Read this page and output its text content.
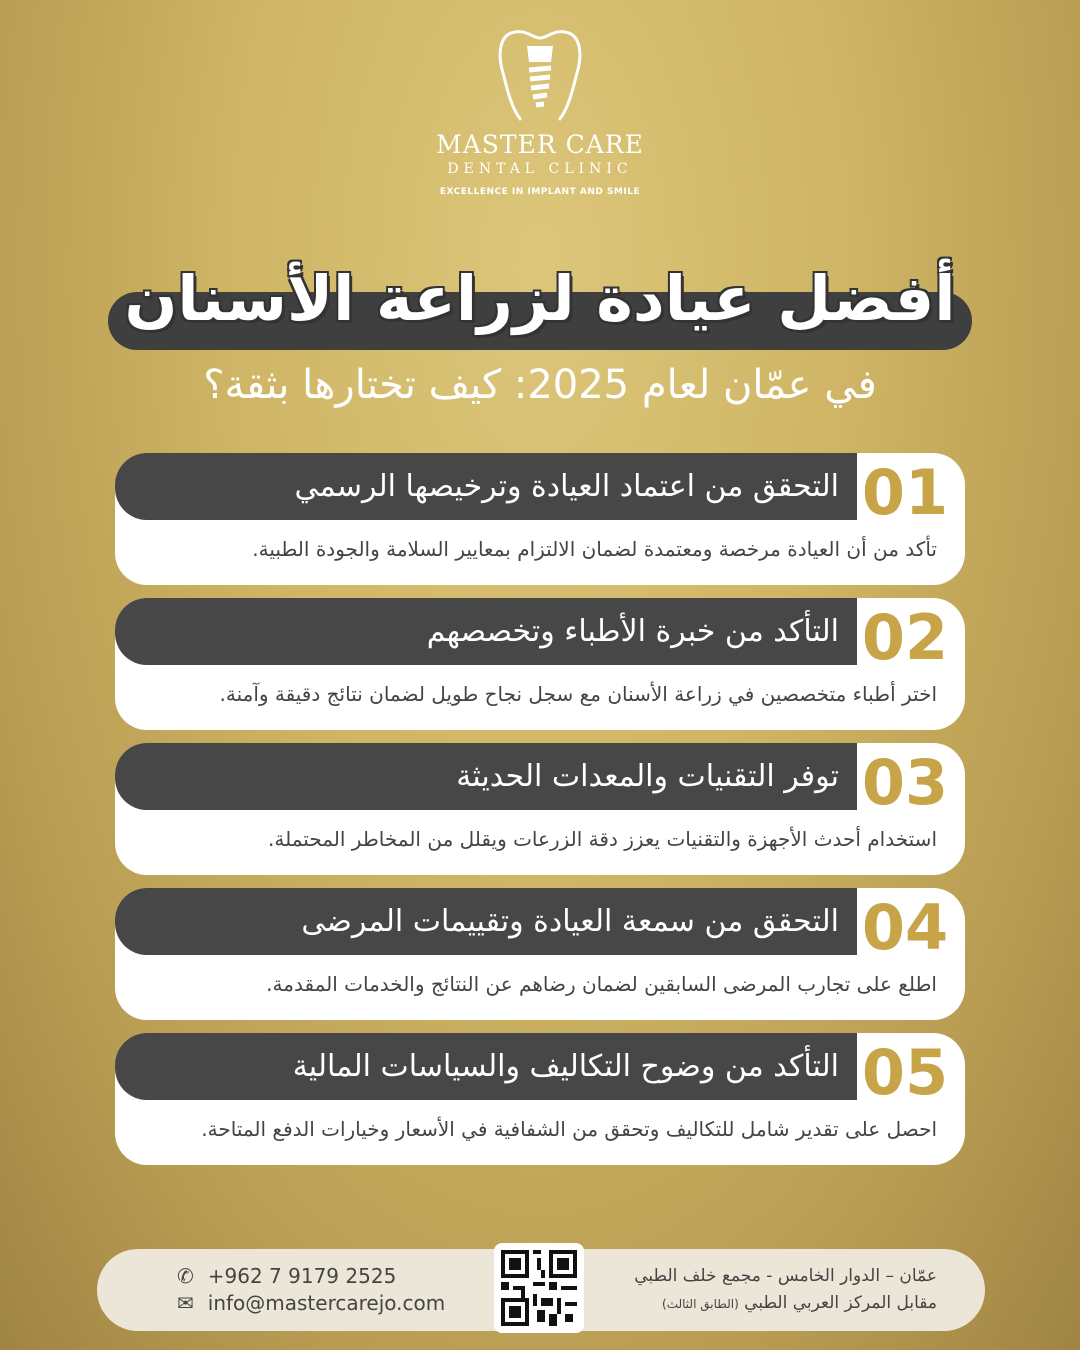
MASTER CARE
DENTAL CLINIC
EXCELLENCE IN IMPLANT AND SMILE
أفضل عيادة لزراعة الأسنان
في عمّان لعام 2025: كيف تختارها بثقة؟
التحقق من اعتماد العيادة وترخيصها الرسمي 01
تأكد من أن العيادة مرخصة ومعتمدة لضمان الالتزام بمعايير السلامة والجودة الطبية.
التأكد من خبرة الأطباء وتخصصهم 02
اختر أطباء متخصصين في زراعة الأسنان مع سجل نجاح طويل لضمان نتائج دقيقة وآمنة.
توفر التقنيات والمعدات الحديثة 03
استخدام أحدث الأجهزة والتقنيات يعزز دقة الزرعات ويقلل من المخاطر المحتملة.
التحقق من سمعة العيادة وتقييمات المرضى 04
اطلع على تجارب المرضى السابقين لضمان رضاهم عن النتائج والخدمات المقدمة.
التأكد من وضوح التكاليف والسياسات المالية 05
احصل على تقدير شامل للتكاليف وتحقق من الشفافية في الأسعار وخيارات الدفع المتاحة.
✆ +962 7 9179 2525
✉ info@mastercarejo.com
عمّان – الدوار الخامس - مجمع خلف الطبي
مقابل المركز العربي الطبي (الطابق الثالث)
